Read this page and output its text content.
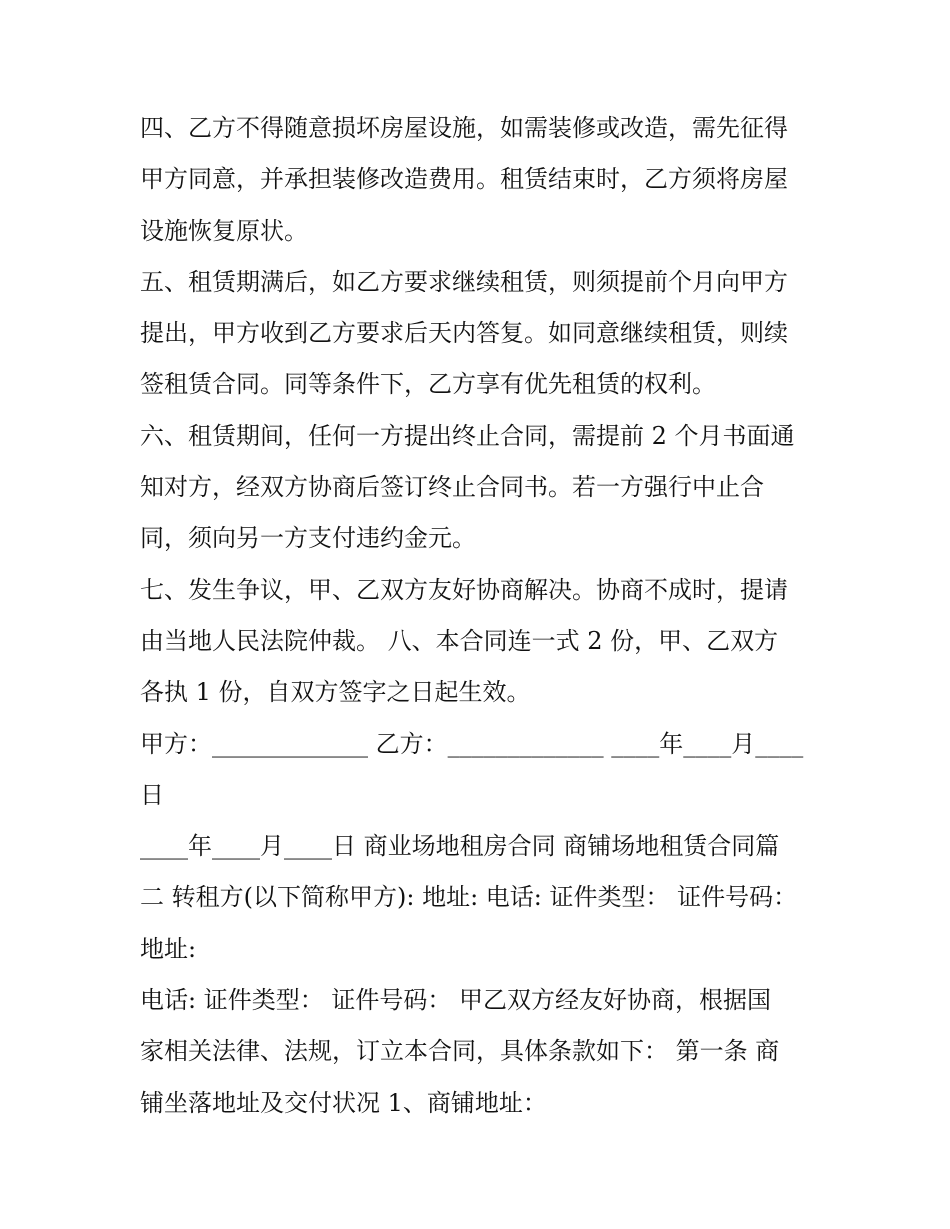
四、乙方不得随意损坏房屋设施，如需装修或改造，需先征得
甲方同意，并承担装修改造费用。租赁结束时，乙方须将房屋
设施恢复原状。
五、租赁期满后，如乙方要求继续租赁，则须提前个月向甲方
提出，甲方收到乙方要求后天内答复。如同意继续租赁，则续
签租赁合同。同等条件下，乙方享有优先租赁的权利。
六、租赁期间，任何一方提出终止合同，需提前 2 个月书面通
知对方，经双方协商后签订终止合同书。若一方强行中止合
同，须向另一方支付违约金元。
七、发生争议，甲、乙双方友好协商解决。协商不成时，提请
由当地人民法院仲裁。 八、本合同连一式 2 份，甲、乙双方
各执 1 份，自双方签字之日起生效。
甲方：_____________ 乙方：_____________ ____年____月____
日
____年____月____日 商业场地租房合同 商铺场地租赁合同篇
二 转租方(以下简称甲方): 地址: 电话: 证件类型： 证件号码：
地址:
电话: 证件类型： 证件号码： 甲乙双方经友好协商，根据国
家相关法律、法规，订立本合同，具体条款如下： 第一条 商
铺坐落地址及交付状况 1、商铺地址：
